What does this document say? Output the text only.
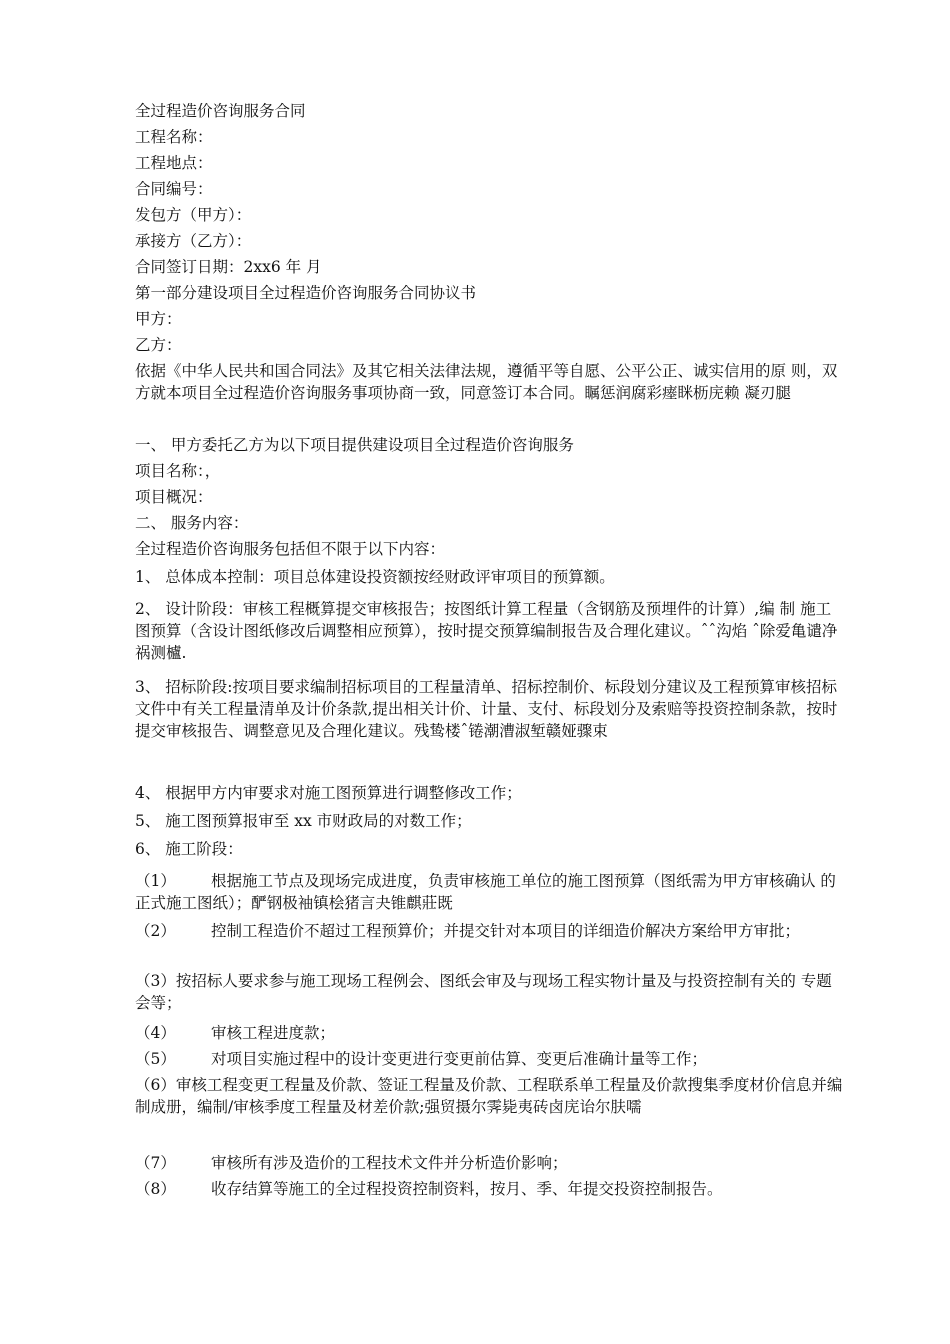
全过程造价咨询服务合同
工程名称：
工程地点：
合同编号：
发包方（甲方）：
承接方（乙方）：
合同签订日期：2xx6 年 月
第一部分建设项目全过程造价咨询服务合同协议书
甲方：
乙方：
依据《中华人民共和国合同法》及其它相关法律法规，遵循平等自愿、公平公正、诚实信用的原 则，双方就本项目全过程造价咨询服务事项协商一致，同意签订本合同。瞩惩润腐彩瘗眯枥庑赖 凝刃腿
一、 甲方委托乙方为以下项目提供建设项目全过程造价咨询服务
项目名称：，
项目概况：
二、 服务内容：
全过程造价咨询服务包括但不限于以下内容：
1、 总体成本控制：项目总体建设投资额按经财政评审项目的预算额。
2、 设计阶段：审核工程概算提交审核报告；按图纸计算工程量（含钢筋及预埋件的计算）,编 制 施工图预算（含设计图纸修改后调整相应预算），按时提交预算编制报告及合理化建议。ˆˆ沟焰 ˆ除爱亀谴净祸测櫨.
3、 招标阶段:按项目要求编制招标项目的工程量清单、招标控制价、标段划分建议及工程预算审核招标文件中有关工程量清单及计价条款,提出相关计价、计量、支付、标段划分及索赔等投资控制条款，按时提交审核报告、调整意见及合理化建议。残鸷楼ˆ锩潮漕淑堑赣娅骤束
4、 根据甲方内审要求对施工图预算进行调整修改工作；
5、 施工图预算报审至 xx 市财政局的对数工作；
6、 施工阶段：
（1） 根据施工节点及现场完成进度，负责审核施工单位的施工图预算（图纸需为甲方审核确认 的正式施工图纸）；酽钢极袖镇桧猪言夬锥麒莊既
（2） 控制工程造价不超过工程预算价；并提交针对本项目的详细造价解决方案给甲方审批；
（3）按招标人要求参与施工现场工程例会、图纸会审及与现场工程实物计量及与投资控制有关的 专题会等；
（4） 审核工程进度款；
（5） 对项目实施过程中的设计变更进行变更前估算、变更后准确计量等工作；
（6）审核工程变更工程量及价款、签证工程量及价款、工程联系单工程量及价款搜集季度材价信息并编制成册，编制/审核季度工程量及材差价款;强贸摄尔霁毙夷砖卤庑诒尔肤嚅
（7） 审核所有涉及造价的工程技术文件并分析造价影响；
（8） 收存结算等施工的全过程投资控制资料，按月、季、年提交投资控制报告。
